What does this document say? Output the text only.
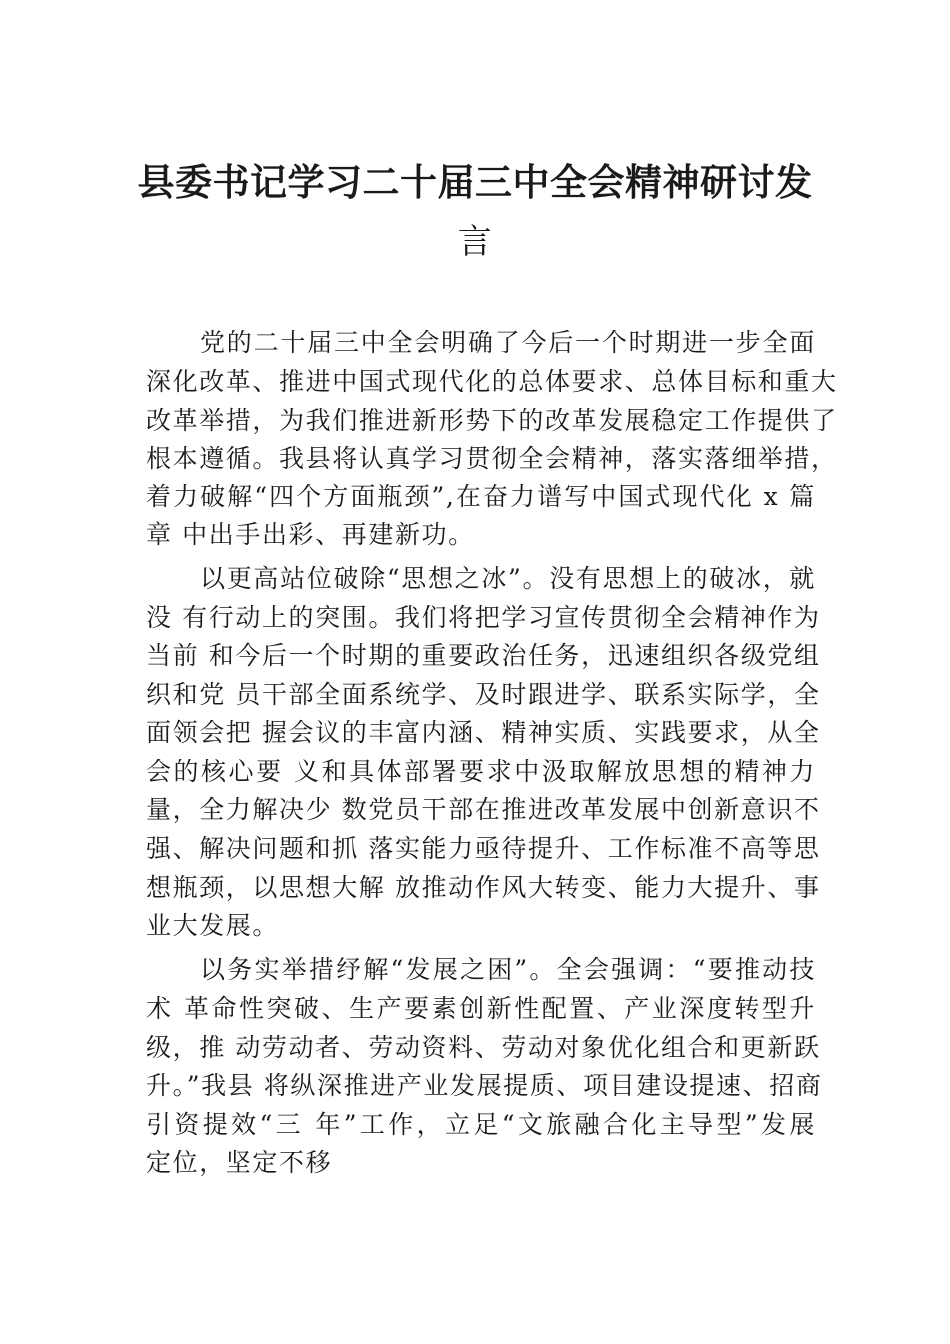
县委书记学习二十届三中全会精神研讨发
言

党的二十届三中全会明确了今后一个时期进一步全面

深化改革、推进中国式现代化的总体要求、总体目标和重大

改革举措，为我们推进新形势下的改革发展稳定工作提供了

根本遵循。我县将认真学习贯彻全会精神，落实落细举措，

着力破解“四个方面瓶颈”,在奋力谱写中国式现代化 x 篇

章 中出手出彩、再建新功。

以更高站位破除“思想之冰”。没有思想上的破冰，就

没 有行动上的突围。我们将把学习宣传贯彻全会精神作为

当前 和今后一个时期的重要政治任务，迅速组织各级党组

织和党 员干部全面系统学、及时跟进学、联系实际学，全

面领会把 握会议的丰富内涵、精神实质、实践要求，从全

会的核心要 义和具体部署要求中汲取解放思想的精神力

量，全力解决少 数党员干部在推进改革发展中创新意识不

强、解决问题和抓 落实能力亟待提升、工作标准不高等思

想瓶颈，以思想大解 放推动作风大转变、能力大提升、事

业大发展。

以务实举措纾解“发展之困”。全会强调：“要推动技

术 革命性突破、生产要素创新性配置、产业深度转型升

级，推 动劳动者、劳动资料、劳动对象优化组合和更新跃

升。”我县 将纵深推进产业发展提质、项目建设提速、招商

引资提效“三 年”工作，立足“文旅融合化主导型”发展

定位，坚定不移
